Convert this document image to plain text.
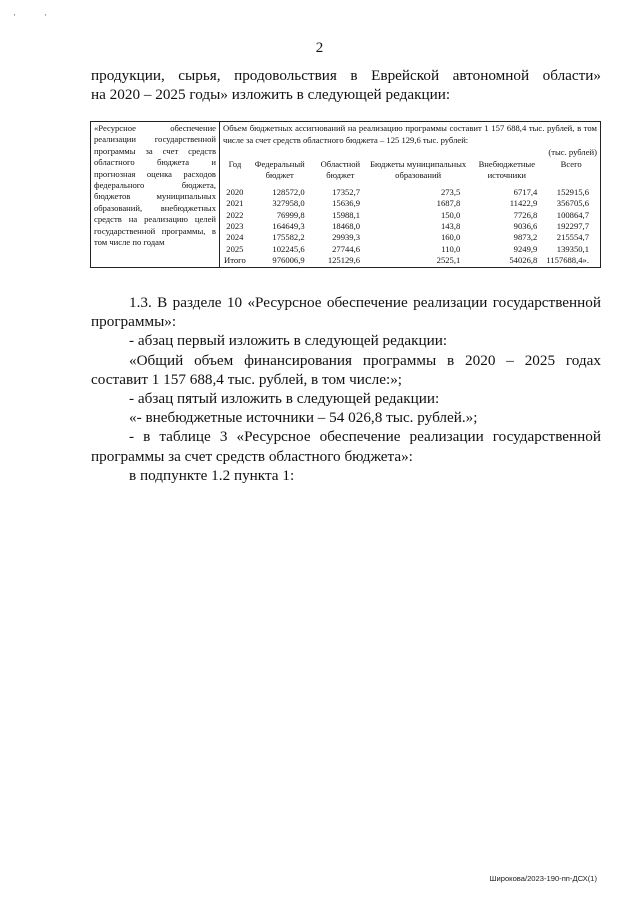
·	·
2
продукции, сырья, продовольствия в Еврейской автономной области»
на 2020 – 2025 годы» изложить в следующей редакции:
«Ресурсное обеспечение реализации государственной программы за счет средств областного бюджета и прогнозная оценка расходов федерального бюджета, бюджетов муниципальных образований, внебюджетных средств на реализацию целей государственной программы, в том числе по годам	
Объем бюджетных ассигнований на реализацию программы составит 1 157 688,4 тыс. рублей, в том числе за счет средств областного бюджета – 125 129,6 тыс. рублей:
(тыс. рублей)
Год	Федеральный бюджет	Областной бюджет	Бюджеты муниципальных образований	Внебюджетные источники	Всего
2020	128572,0	17352,7	273,5	6717,4	152915,6
2021	327958,0	15636,9	1687,8	11422,9	356705,6
2022	76999,8	15988,1	150,0	7726,8	100864,7
2023	164649,3	18468,0	143,8	9036,6	192297,7
2024	175582,2	29939,3	160,0	9873,2	215554,7
2025	102245,6	27744,6	110,0	9249,9	139350,1
Итого	976006,9	125129,6	2525,1	54026,8	1157688,4».

1.3. В разделе 10 «Ресурсное обеспечение реализации государственной программы»:

- абзац первый изложить в следующей редакции:

«Общий объем финансирования программы в 2020 – 2025 годах составит 1 157 688,4 тыс. рублей, в том числе:»;

- абзац пятый изложить в следующей редакции:

«- внебюджетные источники – 54 026,8 тыс. рублей.»;

- в таблице 3 «Ресурсное обеспечение реализации государственной программы за счет средств областного бюджета»:

в подпункте 1.2 пункта 1:

Широкова/2023-190-пп-ДСХ(1)
